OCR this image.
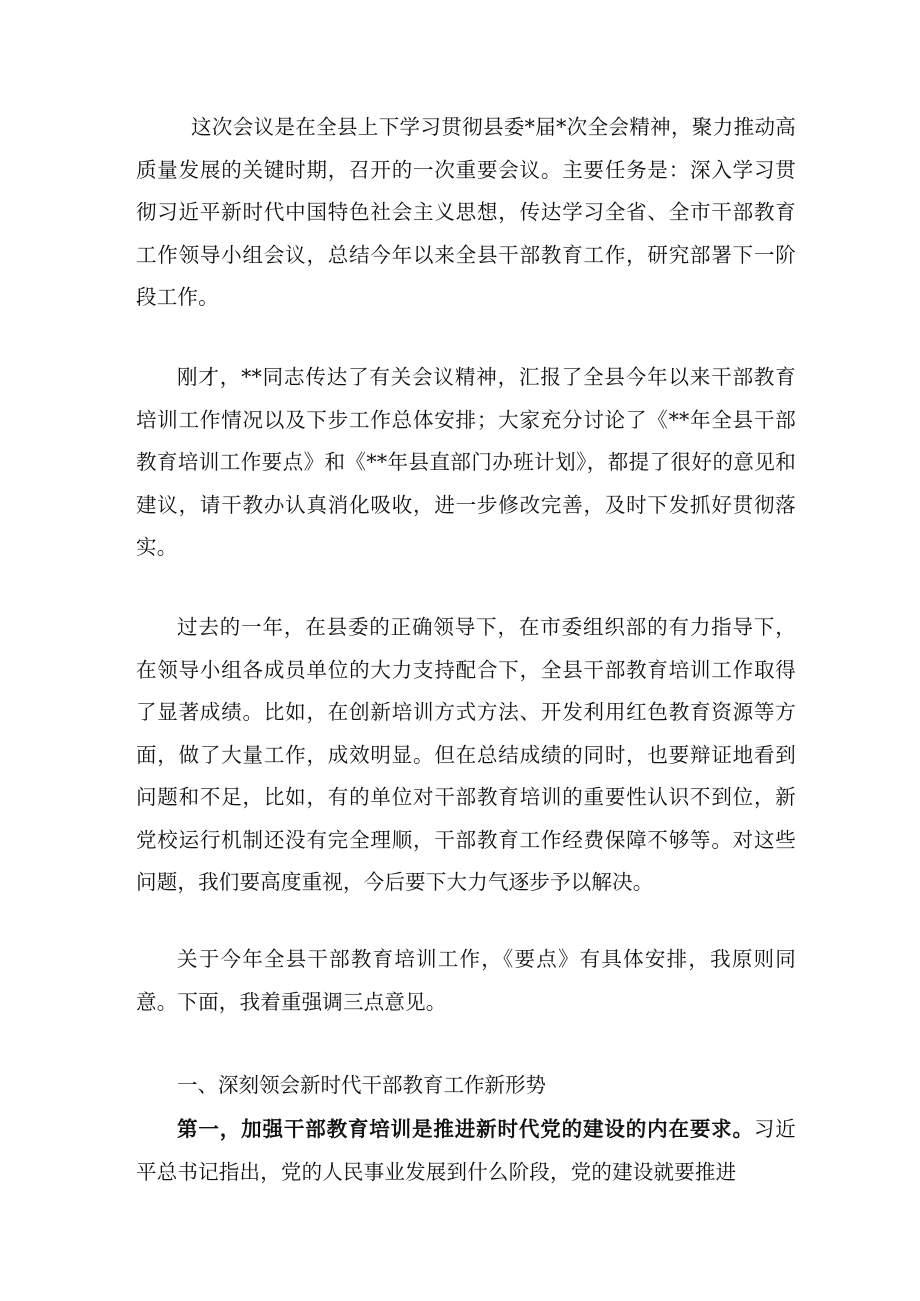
这次会议是在全县上下学习贯彻县委*届*次全会精神，聚力推动高质量发展的关键时期，召开的一次重要会议。主要任务是：深入学习贯彻习近平新时代中国特色社会主义思想，传达学习全省、全市干部教育工作领导小组会议，总结今年以来全县干部教育工作，研究部署下一阶段工作。

刚才，**同志传达了有关会议精神，汇报了全县今年以来干部教育培训工作情况以及下步工作总体安排；大家充分讨论了《**年全县干部教育培训工作要点》和《**年县直部门办班计划》，都提了很好的意见和建议，请干教办认真消化吸收，进一步修改完善，及时下发抓好贯彻落实。

过去的一年，在县委的正确领导下，在市委组织部的有力指导下，在领导小组各成员单位的大力支持配合下，全县干部教育培训工作取得了显著成绩。比如，在创新培训方式方法、开发利用红色教育资源等方面，做了大量工作，成效明显。但在总结成绩的同时，也要辩证地看到问题和不足，比如，有的单位对干部教育培训的重要性认识不到位，新党校运行机制还没有完全理顺，干部教育工作经费保障不够等。对这些问题，我们要高度重视，今后要下大力气逐步予以解决。

关于今年全县干部教育培训工作，《要点》有具体安排，我原则同意。下面，我着重强调三点意见。

一、深刻领会新时代干部教育工作新形势

第一，加强干部教育培训是推进新时代党的建设的内在要求。习近平总书记指出，党的人民事业发展到什么阶段，党的建设就要推进
